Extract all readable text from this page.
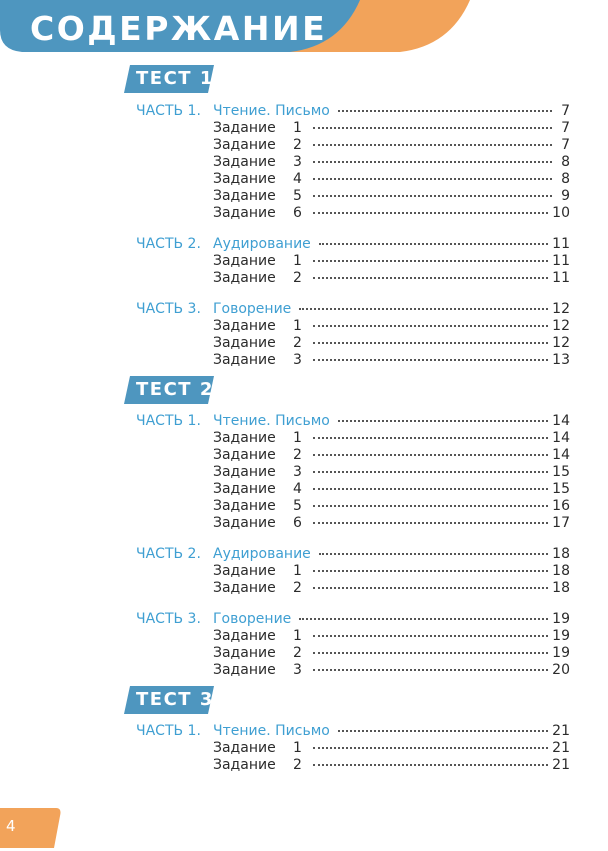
СОДЕРЖАНИЕ
ТЕСТ 1
ЧАСТЬ 1. Чтение. Письмо	7
Задание	1	7
Задание	2	7
Задание	3	8
Задание	4	8
Задание	5	9
Задание	6	10
ЧАСТЬ 2. Аудирование	11
Задание	1	11
Задание	2	11
ЧАСТЬ 3. Говорение	12
Задание	1	12
Задание	2	12
Задание	3	13
ТЕСТ 2
ЧАСТЬ 1. Чтение. Письмо	14
Задание	1	14
Задание	2	14
Задание	3	15
Задание	4	15
Задание	5	16
Задание	6	17
ЧАСТЬ 2. Аудирование	18
Задание	1	18
Задание	2	18
ЧАСТЬ 3. Говорение	19
Задание	1	19
Задание	2	19
Задание	3	20
ТЕСТ 3
ЧАСТЬ 1. Чтение. Письмо	21
Задание	1	21
Задание	2	21
4
